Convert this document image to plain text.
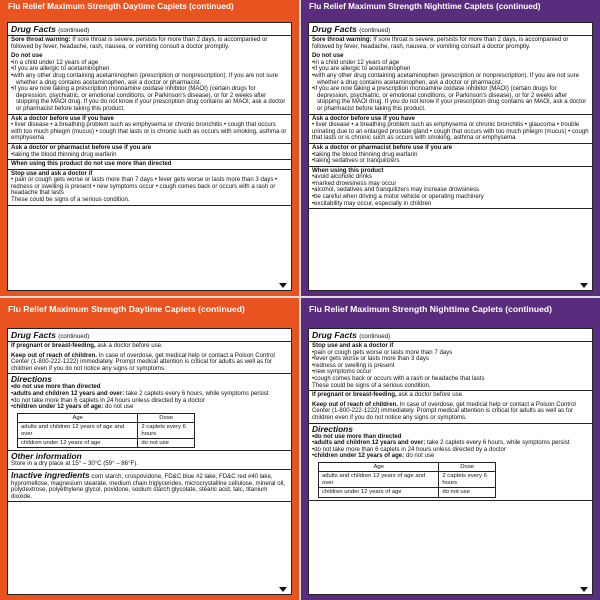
Flu Relief Maximum Strength Daytime Caplets (continued)
Drug Facts (continued)
Sore throat warning: If sore throat is severe, persists for more than 2 days, is accompanied or followed by fever, headache, rash, nausea, or vomiting consult a doctor promptly.
Do not use
• in a child under 12 years of age
• if you are allergic to acetaminophen
• with any other drug containing acetaminophen (prescription or nonprescription). If you are not sure whether a drug contains acetaminophen, ask a doctor or pharmacist.
• if you are now taking a prescription monoamine oxidase inhibitor (MAOI) (certain drugs for depression, psychiatric, or emotional conditions, or Parkinson's disease), or for 2 weeks after stopping the MAOI drug. If you do not know if your prescription drug contains an MAOI, ask a doctor or pharmacist before taking this product.
Ask a doctor before use if you have
• liver disease • a breathing problem such as emphysema or chronic bronchitis • cough that occurs with too much phlegm (mucus) • cough that lasts or is chronic such as occurs with smoking, asthma or emphysema
Ask a doctor or pharmacist before use if you are
• taking the blood thinning drug warfarin
When using this product do not use more than directed
Stop use and ask a doctor if
• pain or cough gets worse or lasts more than 7 days • fever gets worse or lasts more than 3 days • redness or swelling is present • new symptoms occur • cough comes back or occurs with a rash or headache that lasts
These could be signs of a serious condition.
Flu Relief Maximum Strength Nighttime Caplets (continued)
Drug Facts (continued)
Sore throat warning: If sore throat is severe, persists for more than 2 days, is accompanied or followed by fever, headache, rash, nausea, or vomiting consult a doctor promptly.
Do not use
• in a child under 12 years of age
• if you are allergic to acetaminophen
• with any other drug containing acetaminophen (prescription or nonprescription). If you are not sure whether a drug contains acetaminophen, ask a doctor or pharmacist.
• if you are now taking a prescription monoamine oxidase inhibitor (MAOI) (certain drugs for depression, psychiatric, or emotional conditions, or Parkinson's disease), or for 2 weeks after stopping the MAOI drug. If you do not know if your prescription drug contains an MAOI, ask a doctor or pharmacist before taking this product.
Ask a doctor before use if you have
• liver disease • a breathing problem such as emphysema or chronic bronchitis • glaucoma • trouble urinating due to an enlarged prostate gland • cough that occurs with too much phlegm (mucus) • cough that lasts or is chronic such as occurs with smoking, asthma or emphysema
Ask a doctor or pharmacist before use if you are
• taking the blood thinning drug warfarin
• taking sedatives or tranquilizers
When using this product
• avoid alcoholic drinks
• marked drowsiness may occur
• alcohol, sedatives and tranquilizers may increase drowsiness
• be careful when driving a motor vehicle or operating machinery
• excitability may occur, especially in children
Flu Relief Maximum Strength Daytime Caplets (continued)
Drug Facts (continued)
If pregnant or breast-feeding, ask a doctor before use.
Keep out of reach of children. In case of overdose, get medical help or contact a Poison Control Center (1-800-222-1222) immediately. Prompt medical attention is critical for adults as well as for children even if you do not notice any signs or symptoms.
Directions
• do not use more than directed
• adults and children 12 years and over: take 2 caplets every 6 hours, while symptoms persist
• do not take more than 6 caplets in 24 hours unless directed by a doctor
• children under 12 years of age: do not use
Age	Dose
adults and children 12 years of age and over	2 caplets every 6 hours
children under 12 years of age	do not use
Other information
Store in a dry place at 15° – 30°C (59° – 86°F).
Inactive ingredients corn starch, crospovidone, FD&C blue #2 lake, FD&C red #40 lake, hypromellose, magnesium stearate, medium chain triglycerides, microcrystalline cellulose, mineral oil, polydextrose, polyethylene glycol, povidone, sodium starch glycolate, stearic acid, talc, titanium dioxide.
Flu Relief Maximum Strength Nighttime Caplets (continued)
Drug Facts (continued)
Stop use and ask a doctor if
• pain or cough gets worse or lasts more than 7 days
• fever gets worse or lasts more than 3 days
• redness or swelling is present
• new symptoms occur
• cough comes back or occurs with a rash or headache that lasts
These could be signs of a serious condition.
If pregnant or breast-feeding, ask a doctor before use.
Keep out of reach of children. In case of overdose, get medical help or contact a Poison Control Center (1-800-222-1222) immediately. Prompt medical attention is critical for adults as well as for children even if you do not notice any signs or symptoms.
Directions
• do not use more than directed
• adults and children 12 years and over: take 2 caplets every 6 hours, while symptoms persist
• do not take more than 6 caplets in 24 hours unless directed by a doctor
• children under 12 years of age: do not use
Age	Dose
adults and children 12 years of age and over	2 caplets every 6 hours
children under 12 years of age	do not use
